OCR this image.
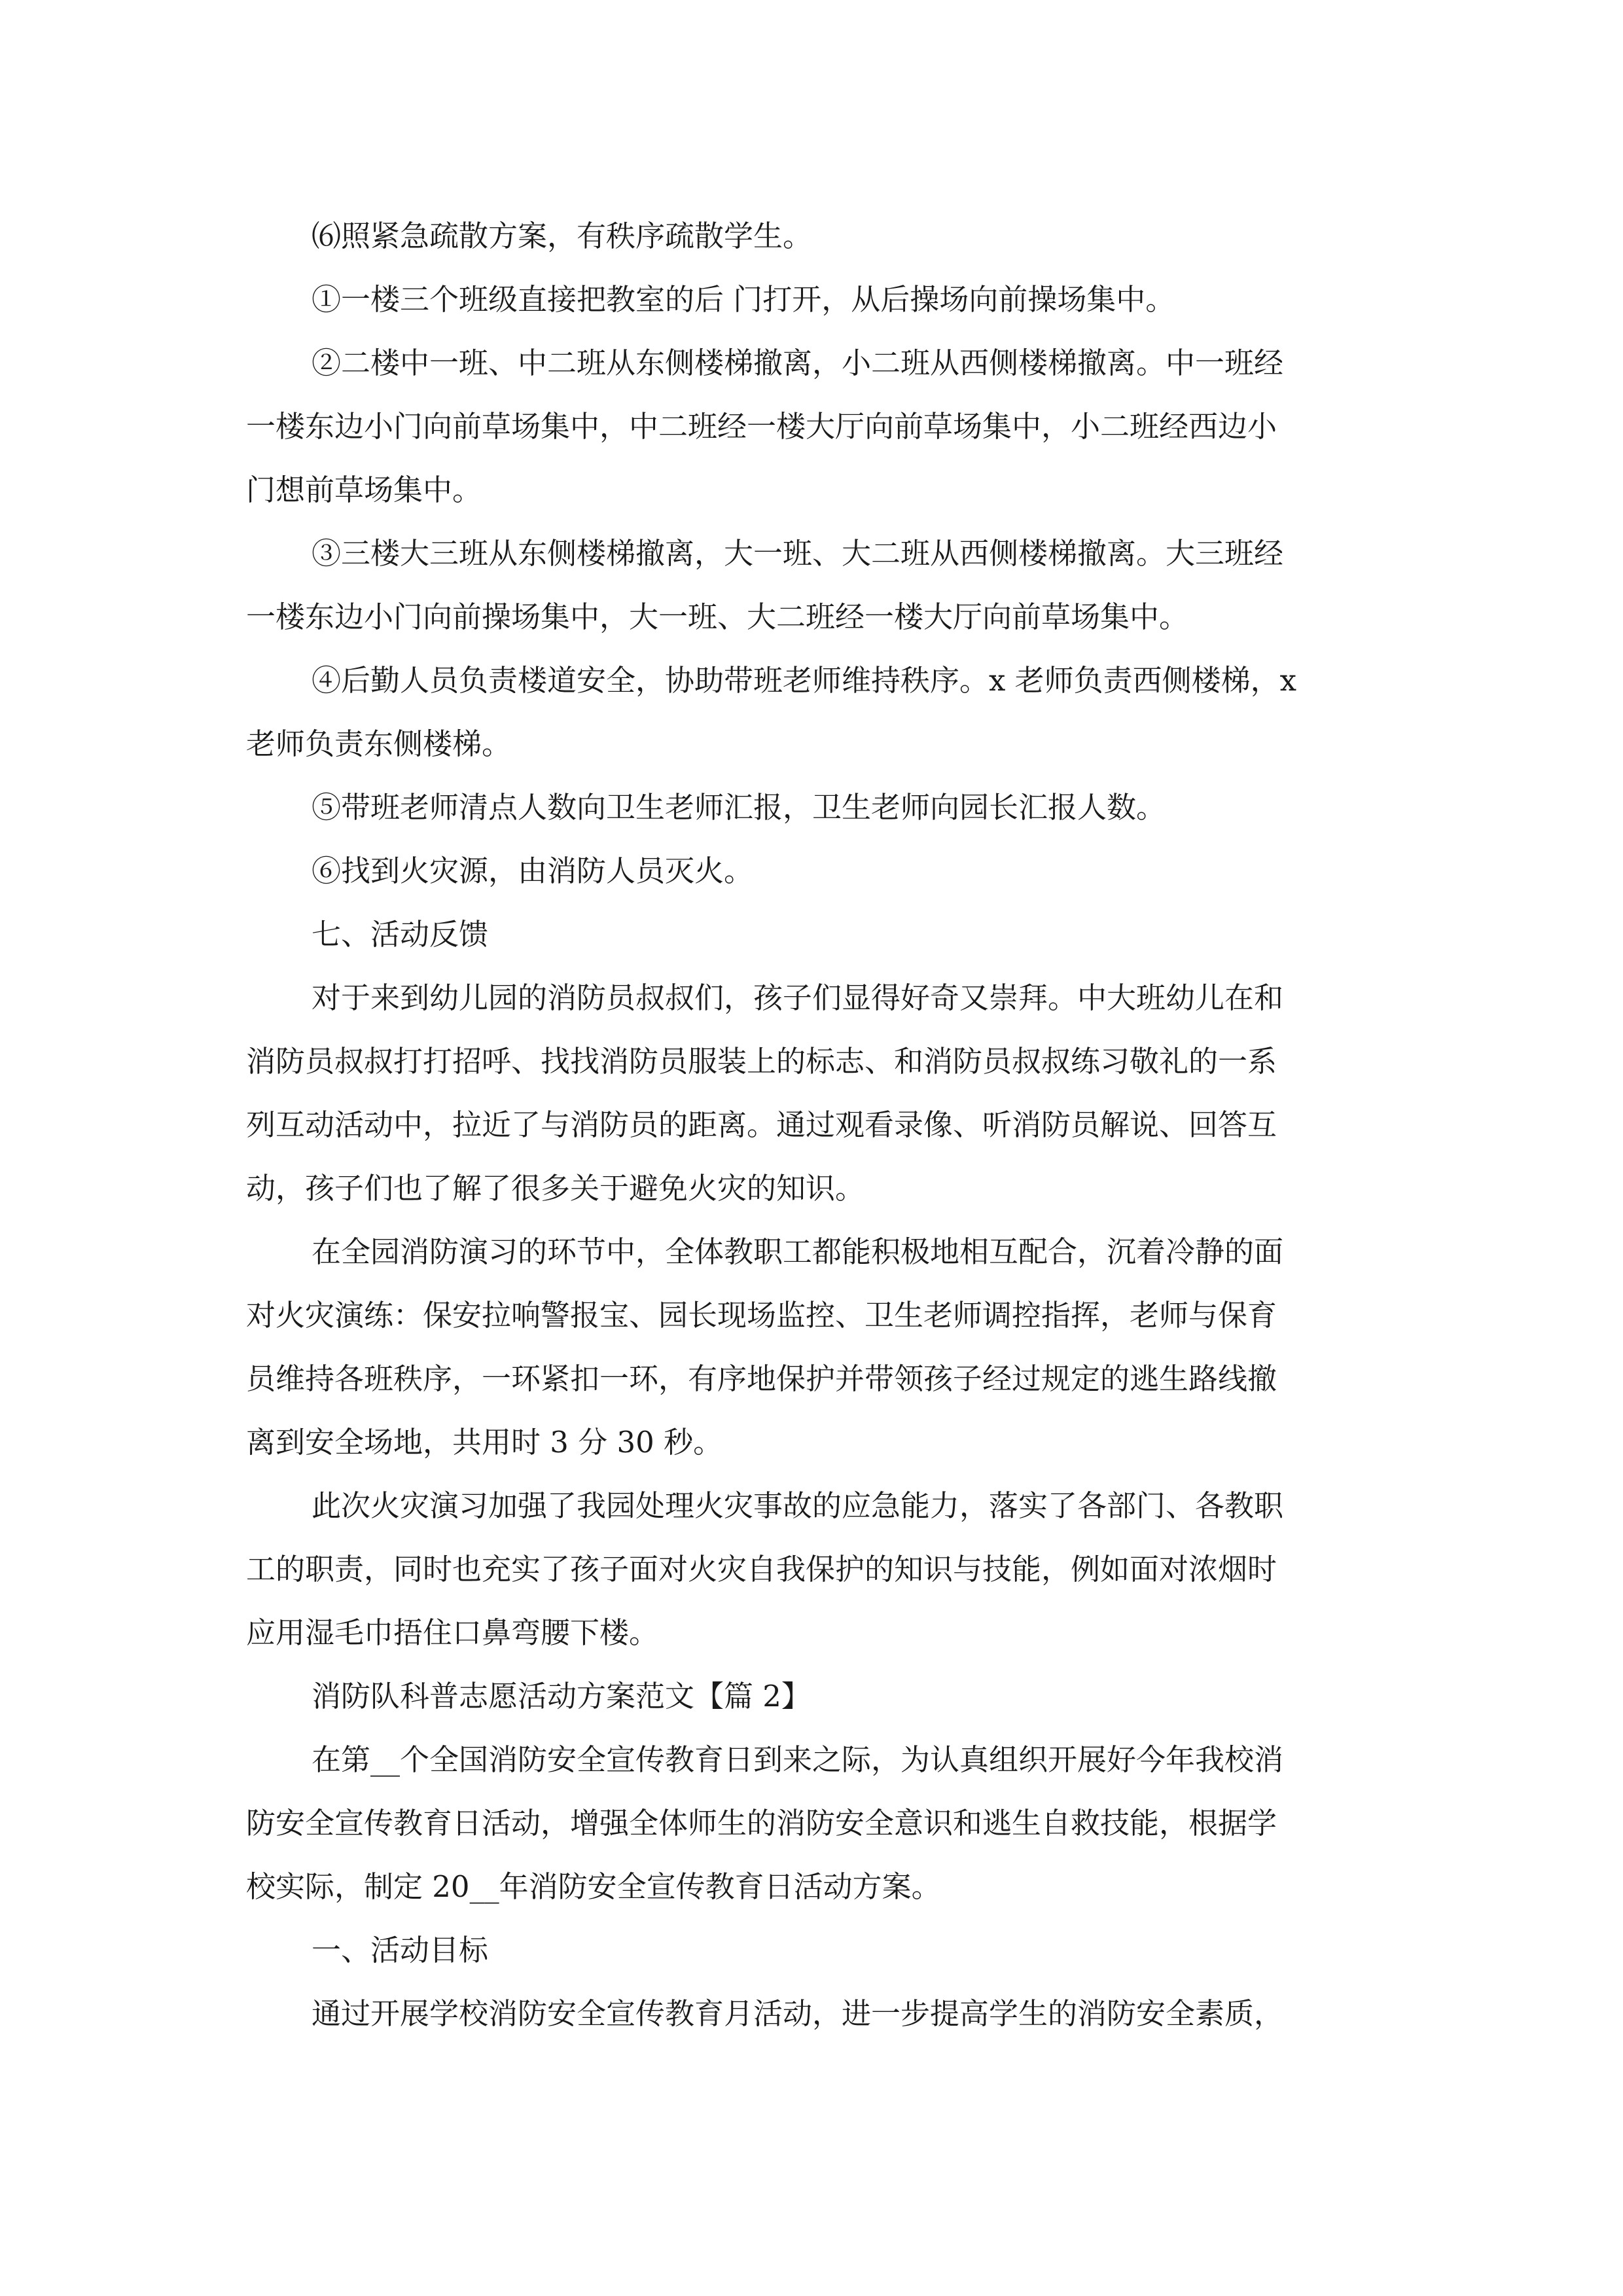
⑹照紧急疏散方案，有秩序疏散学生。
①一楼三个班级直接把教室的后 门打开，从后操场向前操场集中。
②二楼中一班、中二班从东侧楼梯撤离，小二班从西侧楼梯撤离。中一班经
一楼东边小门向前草场集中，中二班经一楼大厅向前草场集中，小二班经西边小
门想前草场集中。
③三楼大三班从东侧楼梯撤离，大一班、大二班从西侧楼梯撤离。大三班经
一楼东边小门向前操场集中，大一班、大二班经一楼大厅向前草场集中。
④后勤人员负责楼道安全，协助带班老师维持秩序。x 老师负责西侧楼梯，x
老师负责东侧楼梯。
⑤带班老师清点人数向卫生老师汇报，卫生老师向园长汇报人数。
⑥找到火灾源，由消防人员灭火。
七、活动反馈
对于来到幼儿园的消防员叔叔们，孩子们显得好奇又崇拜。中大班幼儿在和
消防员叔叔打打招呼、找找消防员服装上的标志、和消防员叔叔练习敬礼的一系
列互动活动中，拉近了与消防员的距离。通过观看录像、听消防员解说、回答互
动，孩子们也了解了很多关于避免火灾的知识。
在全园消防演习的环节中，全体教职工都能积极地相互配合，沉着冷静的面
对火灾演练：保安拉响警报宝、园长现场监控、卫生老师调控指挥，老师与保育
员维持各班秩序，一环紧扣一环，有序地保护并带领孩子经过规定的逃生路线撤
离到安全场地，共用时 3 分 30 秒。
此次火灾演习加强了我园处理火灾事故的应急能力，落实了各部门、各教职
工的职责，同时也充实了孩子面对火灾自我保护的知识与技能，例如面对浓烟时
应用湿毛巾捂住口鼻弯腰下楼。
消防队科普志愿活动方案范文【篇 2】
在第__个全国消防安全宣传教育日到来之际，为认真组织开展好今年我校消
防安全宣传教育日活动，增强全体师生的消防安全意识和逃生自救技能，根据学
校实际，制定 20__年消防安全宣传教育日活动方案。
一、活动目标
通过开展学校消防安全宣传教育月活动，进一步提高学生的消防安全素质，
